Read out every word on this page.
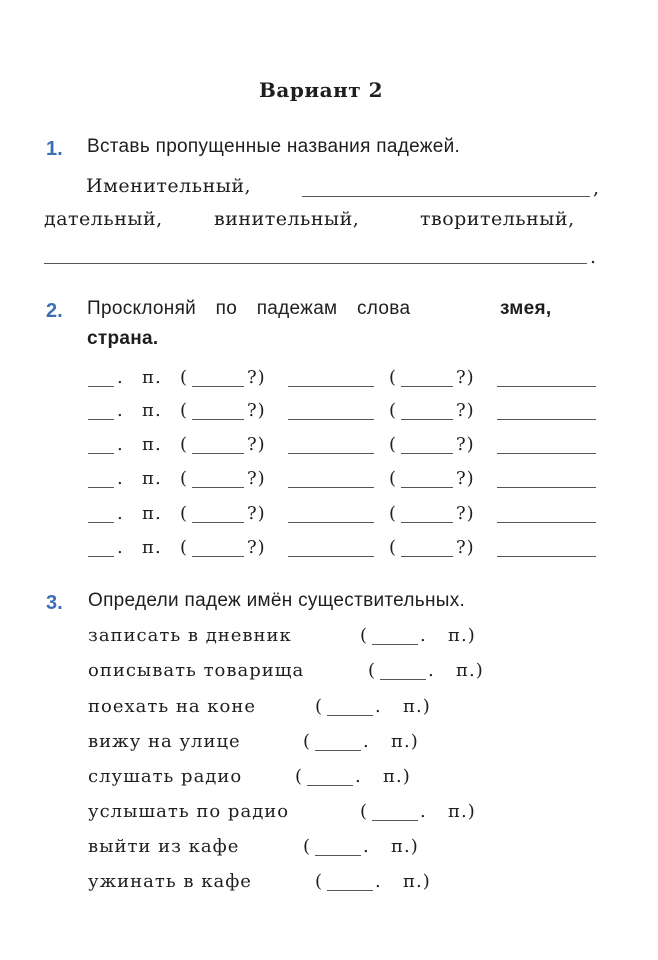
Вариант 2
1. Вставь пропущенные названия падежей.
Именительный,	,
дательный,	винительный,	творительный,
.
2. Просклоняй по падежам слова	змея,
страна.
. п. (	?)	(	?)
. п. (	?)	(	?)
. п. (	?)	(	?)
. п. (	?)	(	?)
. п. (	?)	(	?)
. п. (	?)	(	?)
3. Определи падеж имён существительных.
записать в дневник	(	. п.)
описывать товарища	(	. п.)
поехать на коне	(	. п.)
вижу на улице	(	. п.)
слушать радио	(	. п.)
услышать по радио	(	. п.)
выйти из кафе	(	. п.)
ужинать в кафе	(	. п.)
